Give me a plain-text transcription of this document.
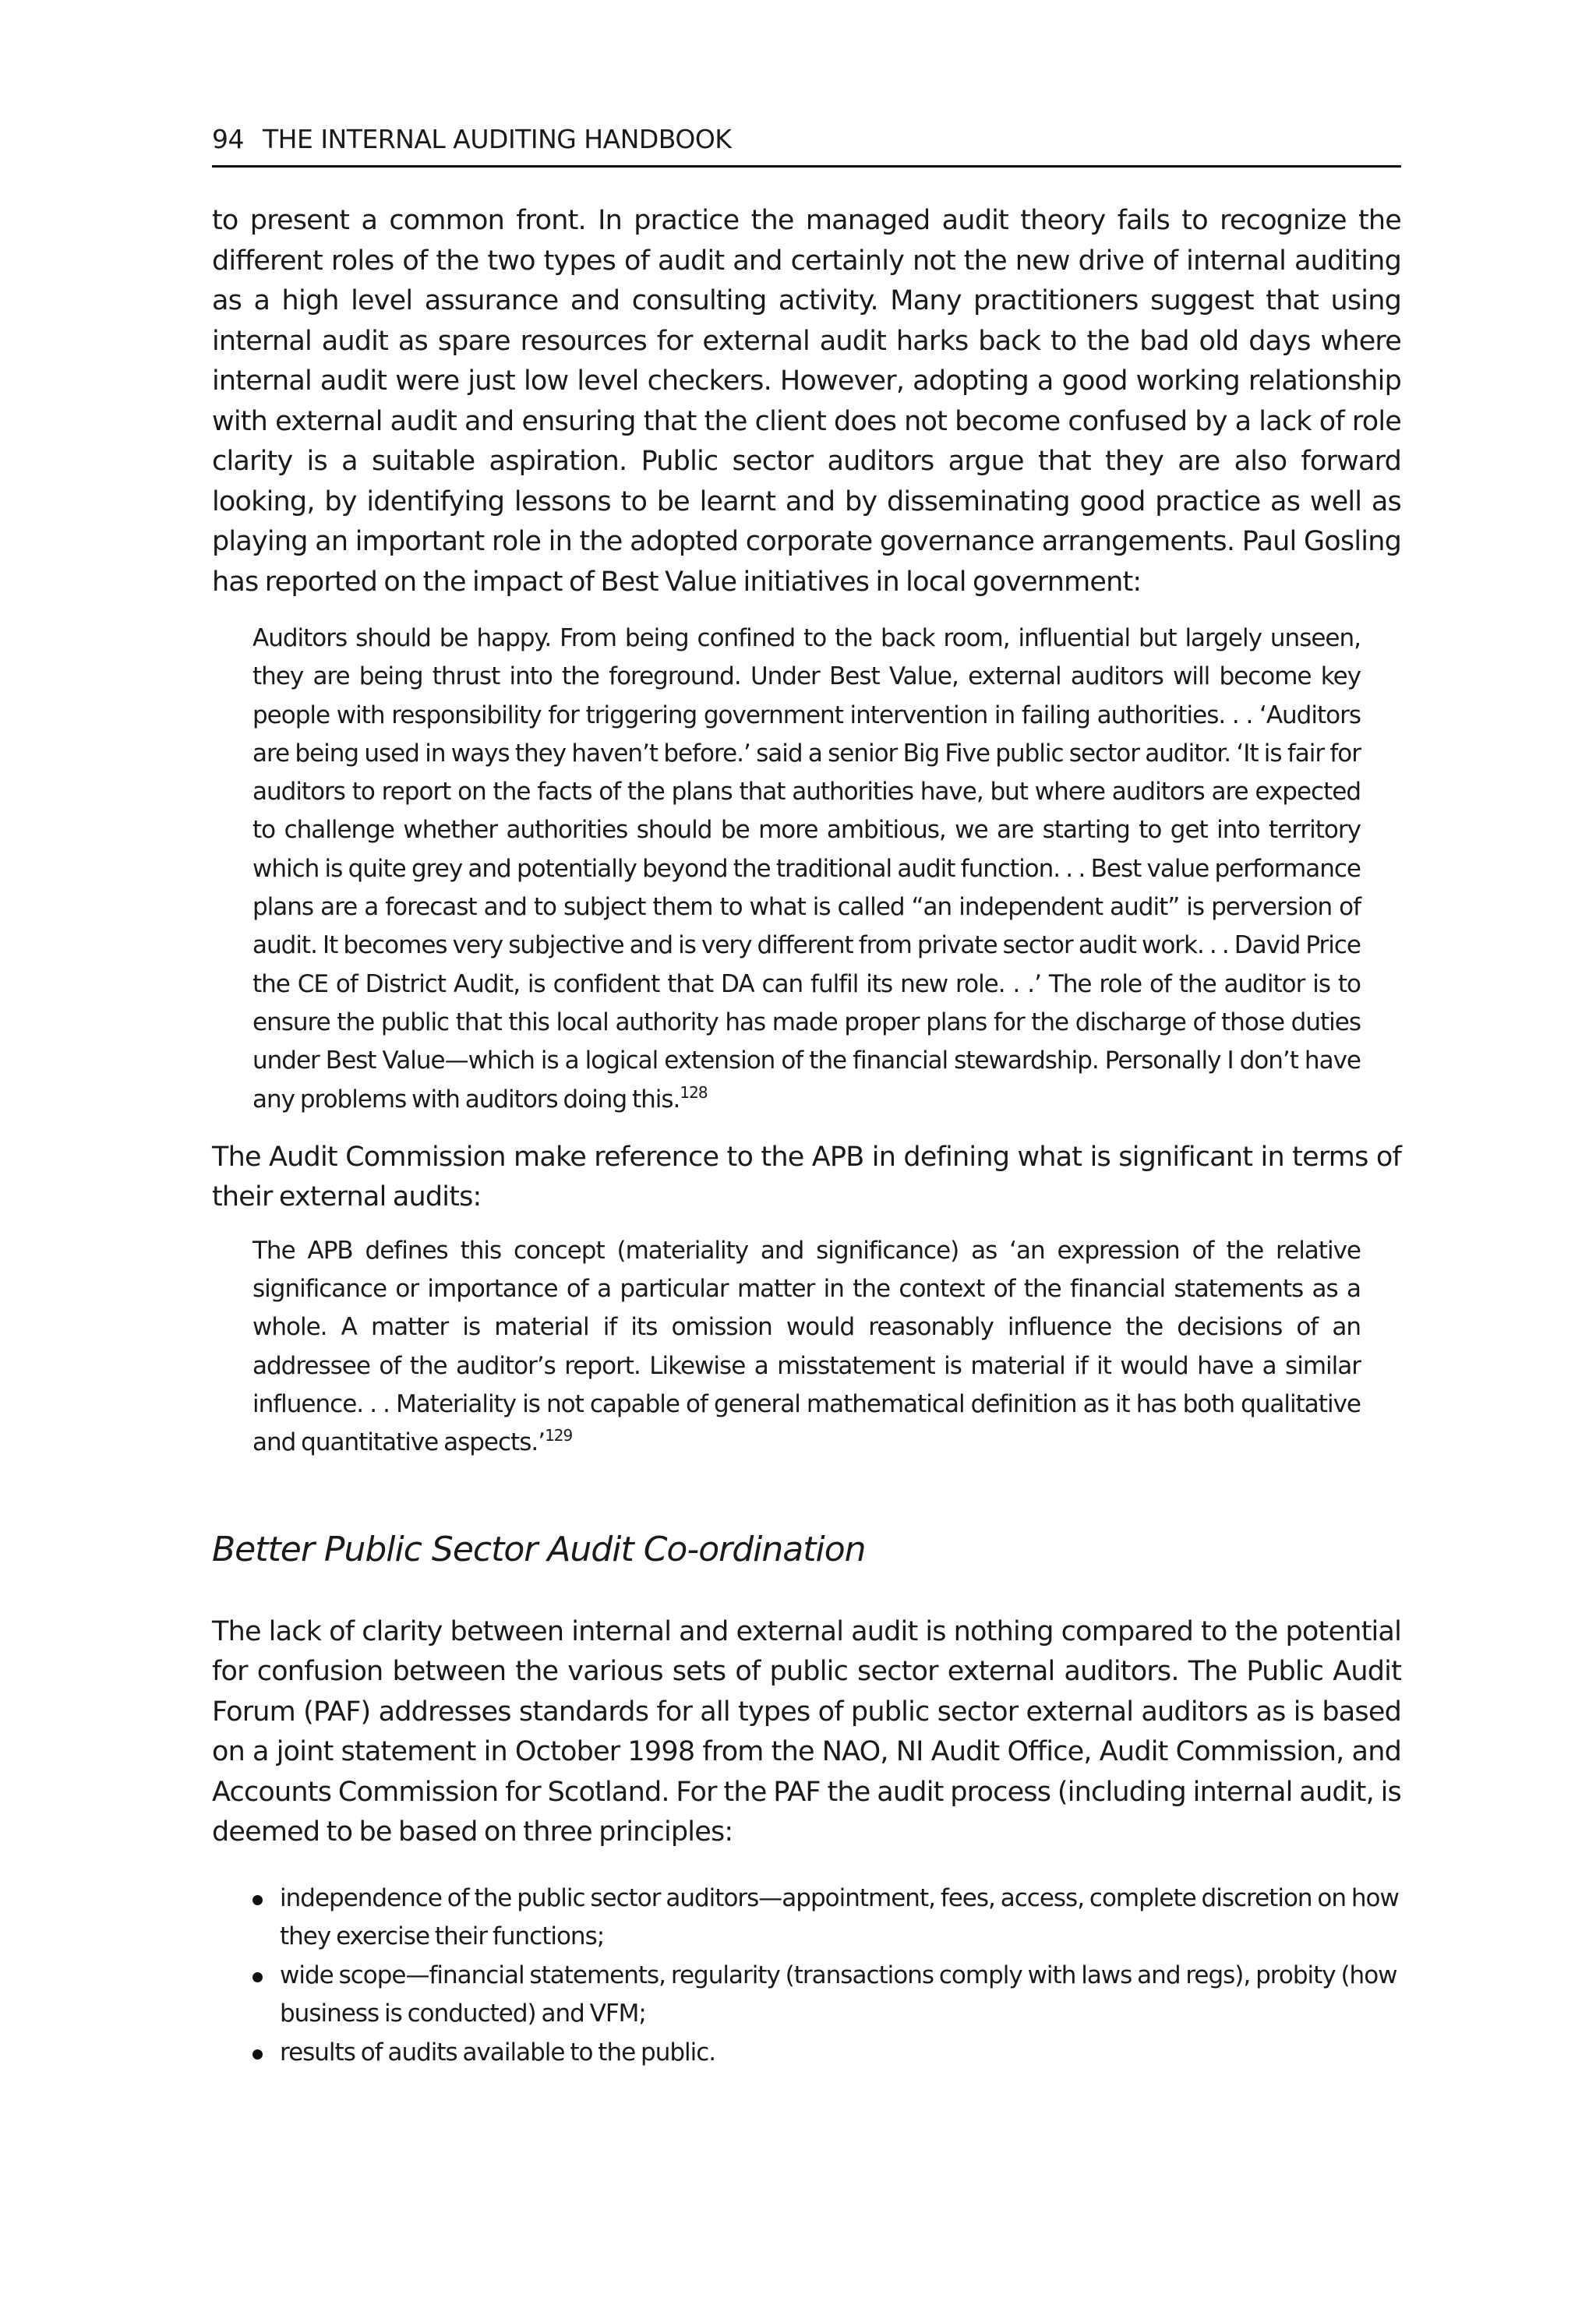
94 THE INTERNAL AUDITING HANDBOOK

to present a common front. In practice the managed audit theory fails to recognize the different roles of the two types of audit and certainly not the new drive of internal auditing as a high level assurance and consulting activity. Many practitioners suggest that using internal audit as spare resources for external audit harks back to the bad old days where internal audit were just low level checkers. However, adopting a good working relationship with external audit and ensuring that the client does not become confused by a lack of role clarity is a suitable aspiration. Public sector auditors argue that they are also forward looking, by identifying lessons to be learnt and by disseminating good practice as well as playing an important role in the adopted corporate governance arrangements. Paul Gosling has reported on the impact of Best Value initiatives in local government:

Auditors should be happy. From being confined to the back room, influential but largely unseen, they are being thrust into the foreground. Under Best Value, external auditors will become key people with responsibility for triggering government intervention in failing authorities. . . ‘Auditors are being used in ways they haven’t before.’ said a senior Big Five public sector auditor. ‘It is fair for auditors to report on the facts of the plans that authorities have, but where auditors are expected to challenge whether authorities should be more ambitious, we are starting to get into territory which is quite grey and potentially beyond the traditional audit function. . . Best value performance plans are a forecast and to subject them to what is called “an independent audit” is perversion of audit. It becomes very subjective and is very different from private sector audit work. . . David Price the CE of District Audit, is confident that DA can fulfil its new role. . .’ The role of the auditor is to ensure the public that this local authority has made proper plans for the discharge of those duties under Best Value—which is a logical extension of the financial stewardship. Personally I don’t have any problems with auditors doing this.$^{128}$

The Audit Commission make reference to the APB in defining what is significant in terms of their external audits:

The APB defines this concept (materiality and significance) as ‘an expression of the relative significance or importance of a particular matter in the context of the financial statements as a whole. A matter is material if its omission would reasonably influence the decisions of an addressee of the auditor’s report. Likewise a misstatement is material if it would have a similar influence. . . Materiality is not capable of general mathematical definition as it has both qualitative and quantitative aspects.’$^{129}$

Better Public Sector Audit Co-ordination

The lack of clarity between internal and external audit is nothing compared to the potential for confusion between the various sets of public sector external auditors. The Public Audit Forum (PAF) addresses standards for all types of public sector external auditors as is based on a joint statement in October 1998 from the NAO, NI Audit Office, Audit Commission, and Accounts Commission for Scotland. For the PAF the audit process (including internal audit, is deemed to be based on three principles:

independence of the public sector auditors—appointment, fees, access, complete discretion on how they exercise their functions;
wide scope—financial statements, regularity (transactions comply with laws and regs), probity (how business is conducted) and VFM;
results of audits available to the public.
